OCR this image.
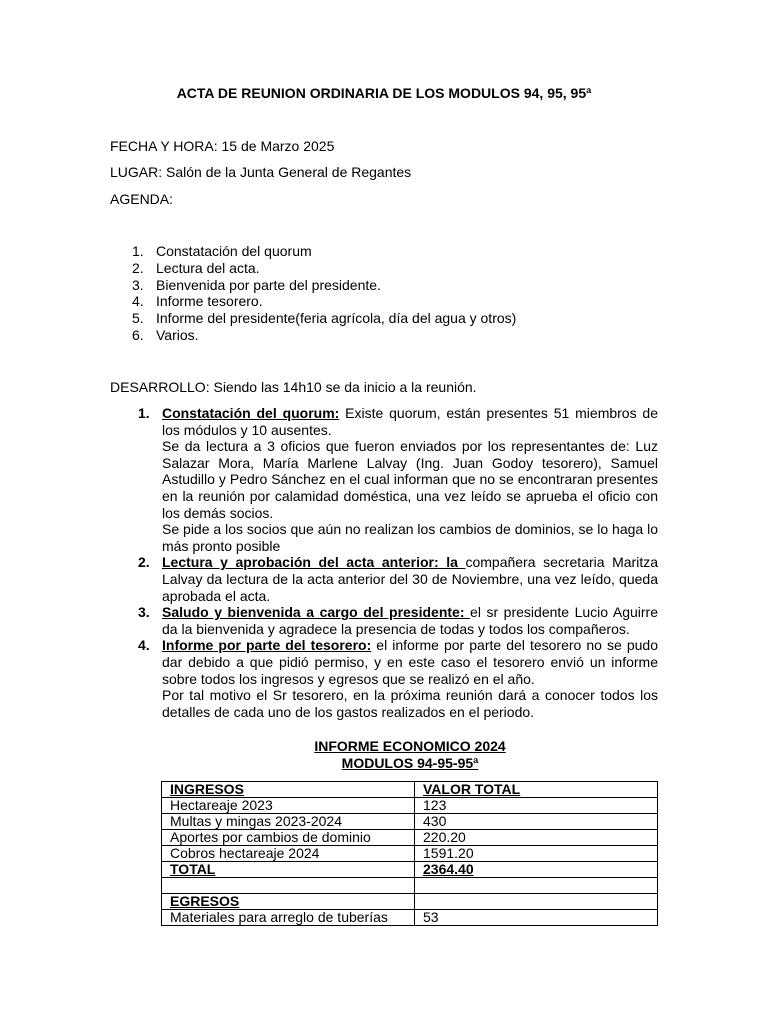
ACTA DE REUNION ORDINARIA DE LOS MODULOS 94, 95, 95ª
FECHA Y HORA: 15 de Marzo 2025
LUGAR: Salón de la Junta General de Regantes
AGENDA:
1. Constatación del quorum
2. Lectura del acta.
3. Bienvenida por parte del presidente.
4. Informe tesorero.
5. Informe del presidente(feria agrícola, día del agua y otros)
6. Varios.
DESARROLLO: Siendo las 14h10 se da inicio a la reunión.
1. Constatación del quorum: Existe quorum, están presentes 51 miembros de los módulos y 10 ausentes.

Se da lectura a 3 oficios que fueron enviados por los representantes de: Luz Salazar Mora, María Marlene Lalvay (Ing. Juan Godoy tesorero), Samuel Astudillo y Pedro Sánchez en el cual informan que no se encontraran presentes en la reunión por calamidad doméstica, una vez leído se aprueba el oficio con los demás socios.

Se pide a los socios que aún no realizan los cambios de dominios, se lo haga lo más pronto posible

2. Lectura y aprobación del acta anterior: la compañera secretaria Maritza Lalvay da lectura de la acta anterior del 30 de Noviembre, una vez leído, queda aprobada el acta.

3. Saludo y bienvenida a cargo del presidente: el sr presidente Lucio Aguirre da la bienvenida y agradece la presencia de todas y todos los compañeros.

4. Informe por parte del tesorero: el informe por parte del tesorero no se pudo dar debido a que pidió permiso, y en este caso el tesorero envió un informe sobre todos los ingresos y egresos que se realizó en el año.

Por tal motivo el Sr tesorero, en la próxima reunión dará a conocer todos los detalles de cada uno de los gastos realizados en el periodo.

INFORME ECONOMICO 2024
MODULOS 94-95-95ª
INGRESOS	VALOR TOTAL
Hectareaje 2023	123
Multas y mingas 2023-2024	430
Aportes por cambios de dominio	220.20
Cobros hectareaje 2024	1591.20
TOTAL	2364.40

EGRESOS	
Materiales para arreglo de tuberías	53
